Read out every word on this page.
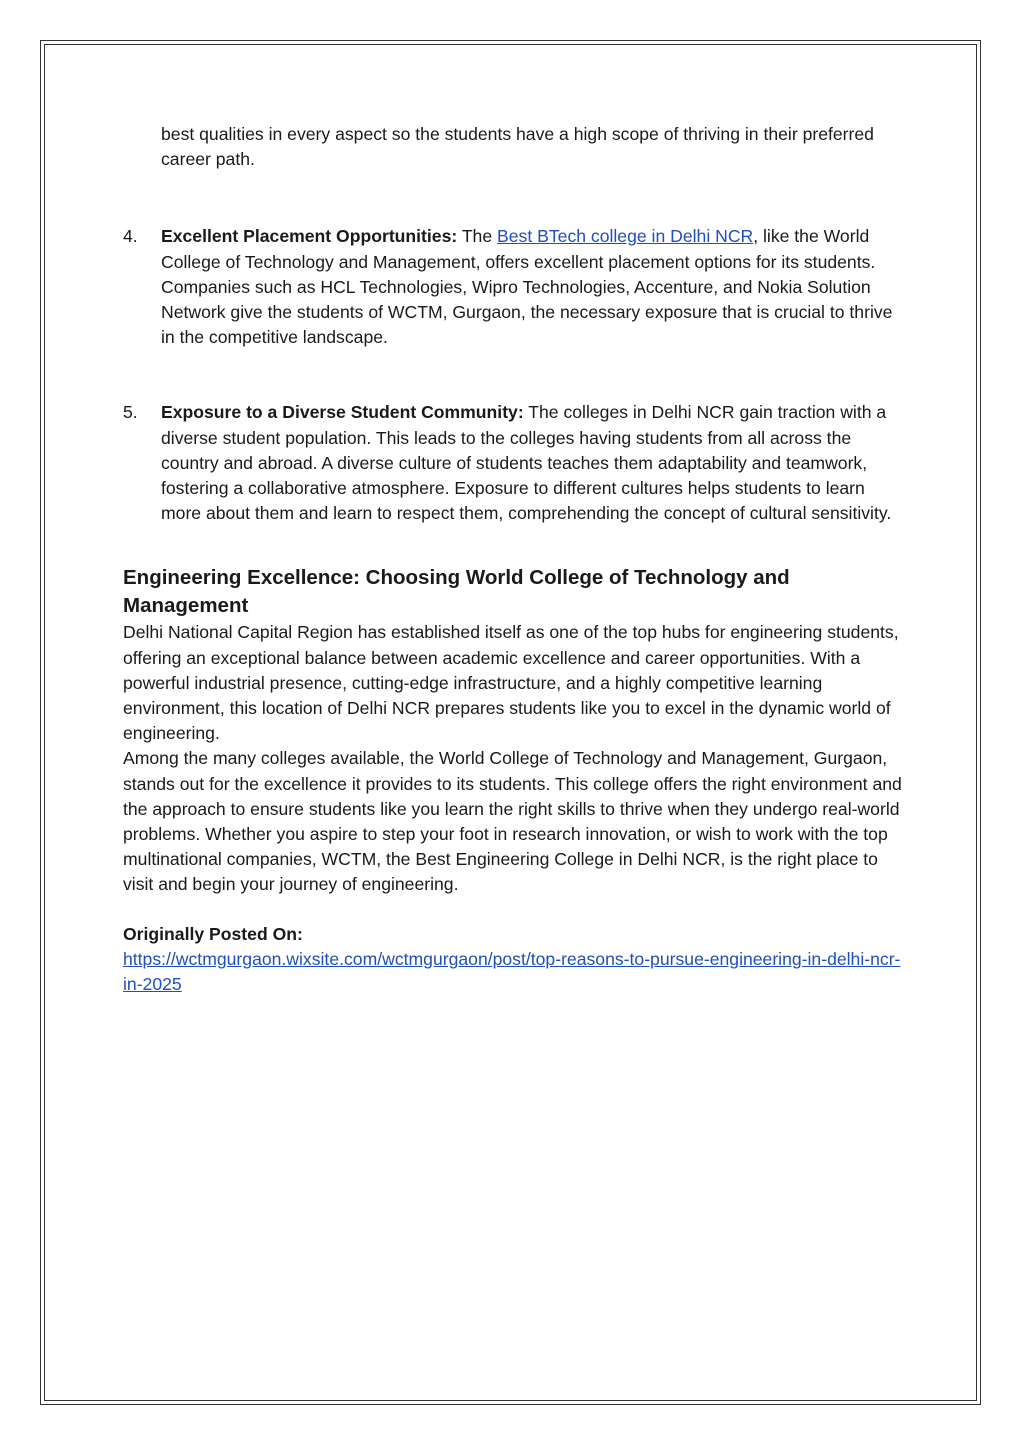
best qualities in every aspect so the students have a high scope of thriving in their preferred career path.

4. Excellent Placement Opportunities: The Best BTech college in Delhi NCR, like the World College of Technology and Management, offers excellent placement options for its students. Companies such as HCL Technologies, Wipro Technologies, Accenture, and Nokia Solution Network give the students of WCTM, Gurgaon, the necessary exposure that is crucial to thrive in the competitive landscape.

5. Exposure to a Diverse Student Community: The colleges in Delhi NCR gain traction with a diverse student population. This leads to the colleges having students from all across the country and abroad. A diverse culture of students teaches them adaptability and teamwork, fostering a collaborative atmosphere. Exposure to different cultures helps students to learn more about them and learn to respect them, comprehending the concept of cultural sensitivity.

Engineering Excellence: Choosing World College of Technology and Management

Delhi National Capital Region has established itself as one of the top hubs for engineering students, offering an exceptional balance between academic excellence and career opportunities. With a powerful industrial presence, cutting-edge infrastructure, and a highly competitive learning environment, this location of Delhi NCR prepares students like you to excel in the dynamic world of engineering.

Among the many colleges available, the World College of Technology and Management, Gurgaon, stands out for the excellence it provides to its students. This college offers the right environment and the approach to ensure students like you learn the right skills to thrive when they undergo real-world problems. Whether you aspire to step your foot in research innovation, or wish to work with the top multinational companies, WCTM, the Best Engineering College in Delhi NCR, is the right place to visit and begin your journey of engineering.

Originally Posted On:

https://wctmgurgaon.wixsite.com/wctmgurgaon/post/top-reasons-to-pursue-engineering-in-delhi-ncr-in-2025
